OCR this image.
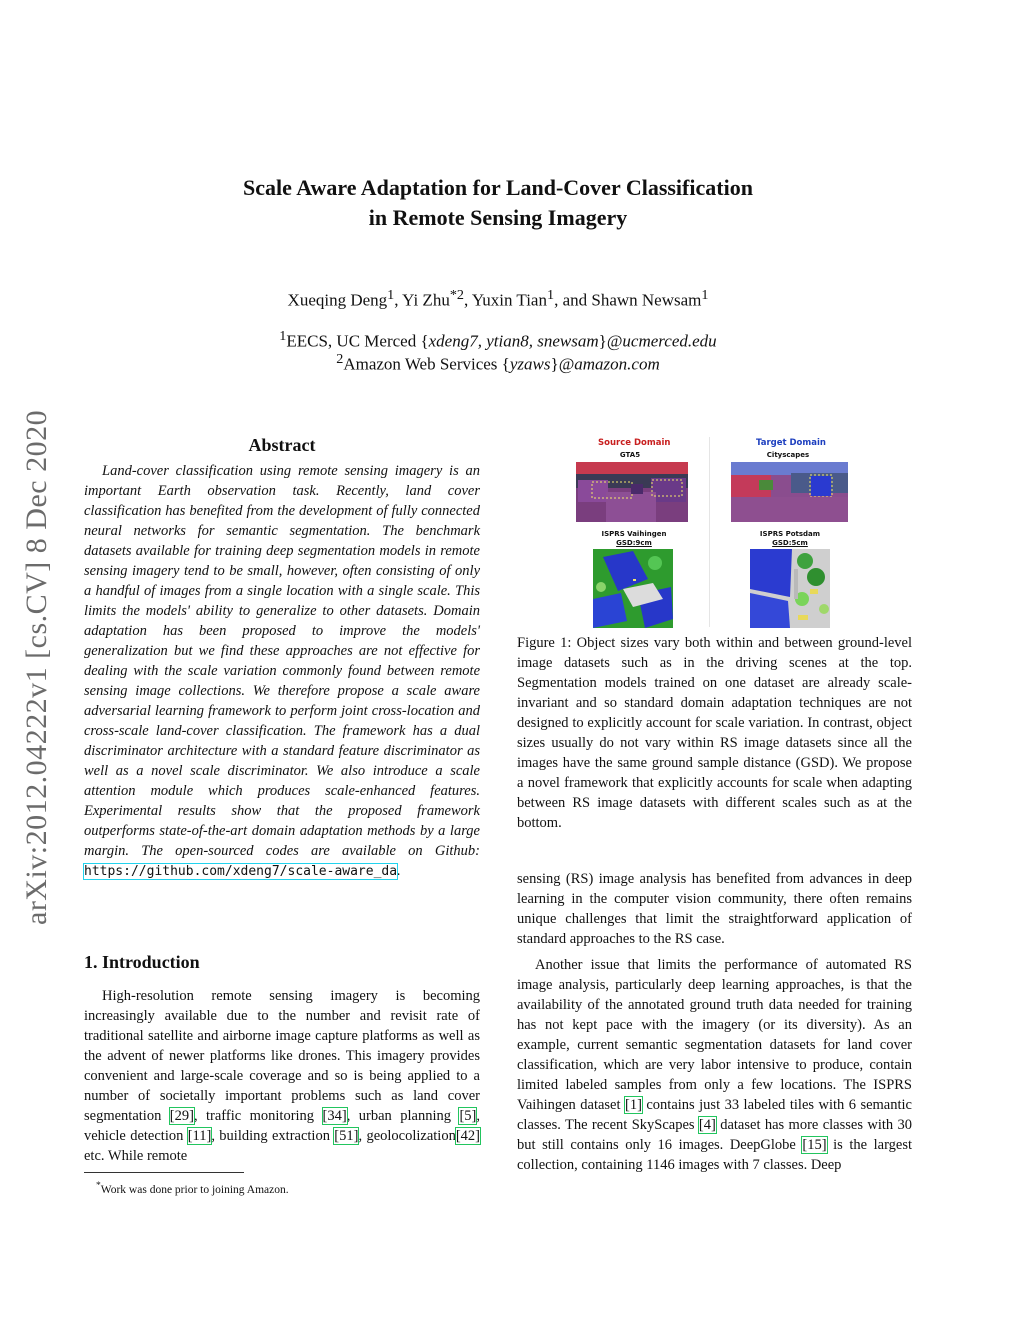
arXiv:2012.04222v1 [cs.CV] 8 Dec 2020
Scale Aware Adaptation for Land-Cover Classification
in Remote Sensing Imagery
Xueqing Deng$^1$, Yi Zhu$^{*2}$, Yuxin Tian$^1$, and Shawn Newsam$^1$
$^1$EECS, UC Merced {xdeng7, ytian8, snewsam}@ucmerced.edu
$^2$Amazon Web Services {yzaws}@amazon.com
Abstract
Land-cover classification using remote sensing imagery is an important Earth observation task. Recently, land cover classification has benefited from the development of fully connected neural networks for semantic segmentation. The benchmark datasets available for training deep segmentation models in remote sensing imagery tend to be small, however, often consisting of only a handful of images from a single location with a single scale. This limits the models' ability to generalize to other datasets. Domain adaptation has been proposed to improve the models' generalization but we find these approaches are not effective for dealing with the scale variation commonly found between remote sensing image collections. We therefore propose a scale aware adversarial learning framework to perform joint cross-location and cross-scale land-cover classification. The framework has a dual discriminator architecture with a standard feature discriminator as well as a novel scale discriminator. We also introduce a scale attention module which produces scale-enhanced features. Experimental results show that the proposed framework outperforms state-of-the-art domain adaptation methods by a large margin. The open-sourced codes are available on Github: https://github.com/xdeng7/scale-aware_da.
1. Introduction
High-resolution remote sensing imagery is becoming increasingly available due to the number and revisit rate of traditional satellite and airborne image capture platforms as well as the advent of newer platforms like drones. This imagery provides convenient and large-scale coverage and so is being applied to a number of societally important problems such as land cover segmentation [29], traffic monitoring [34], urban planning [5], vehicle detection [11], building extraction [51], geolocolization[42] etc. While remote
*Work was done prior to joining Amazon.
Source Domain	Target Domain
GTA5	Cityscapes
ISPRS Vaihingen
GSD:9cm
ISPRS Potsdam
GSD:5cm
Figure 1: Object sizes vary both within and between ground-level image datasets such as in the driving scenes at the top. Segmentation models trained on one dataset are already scale-invariant and so standard domain adaptation techniques are not designed to explicitly account for scale variation. In contrast, object sizes usually do not vary within RS image datasets since all the images have the same ground sample distance (GSD). We propose a novel framework that explicitly accounts for scale when adapting between RS image datasets with different scales such as at the bottom.
sensing (RS) image analysis has benefited from advances in deep learning in the computer vision community, there often remains unique challenges that limit the straightforward application of standard approaches to the RS case.
Another issue that limits the performance of automated RS image analysis, particularly deep learning approaches, is that the availability of the annotated ground truth data needed for training has not kept pace with the imagery (or its diversity). As an example, current semantic segmentation datasets for land cover classification, which are very labor intensive to produce, contain limited labeled samples from only a few locations. The ISPRS Vaihingen dataset [1] contains just 33 labeled tiles with 6 semantic classes. The recent SkyScapes [4] dataset has more classes with 30 but still contains only 16 images. DeepGlobe [15] is the largest collection, containing 1146 images with 7 classes. Deep
